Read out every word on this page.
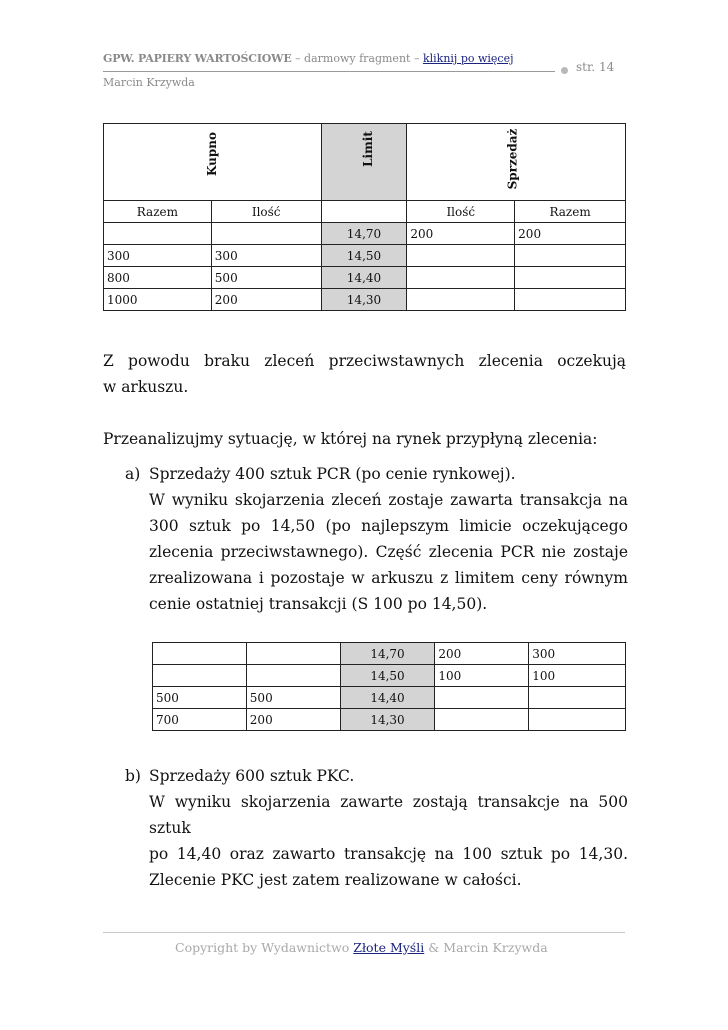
GPW. PAPIERY WARTOŚCIOWE – darmowy fragment – kliknij po więcej
str. 14
Marcin Krzywda
Kupno		Limit	Sprzedaż	

Razem	Ilość		Ilość	Razem
		14,70	200	200
300	300	14,50		
800	500	14,40		
1000	200	14,30		
Z powodu braku zleceń przeciwstawnych zlecenia oczekują
w arkuszu.
Przeanalizujmy sytuację, w której na rynek przypłyną zlecenia:
a) Sprzedaży 400 sztuk PCR (po cenie rynkowej).
W wyniku skojarzenia zleceń zostaje zawarta transakcja na
300 sztuk po 14,50 (po najlepszym limicie oczekującego
zlecenia przeciwstawnego). Część zlecenia PCR nie zostaje
zrealizowana i pozostaje w arkuszu z limitem ceny równym
cenie ostatniej transakcji (S 100 po 14,50).
		14,70	200	300
		14,50	100	100
500	500	14,40		
700	200	14,30		
b) Sprzedaży 600 sztuk PKC.
W wyniku skojarzenia zawarte zostają transakcje na 500 sztuk
po 14,40 oraz zawarto transakcję na 100 sztuk po 14,30.
Zlecenie PKC jest zatem realizowane w całości.
Copyright by Wydawnictwo Złote Myśli & Marcin Krzywda
